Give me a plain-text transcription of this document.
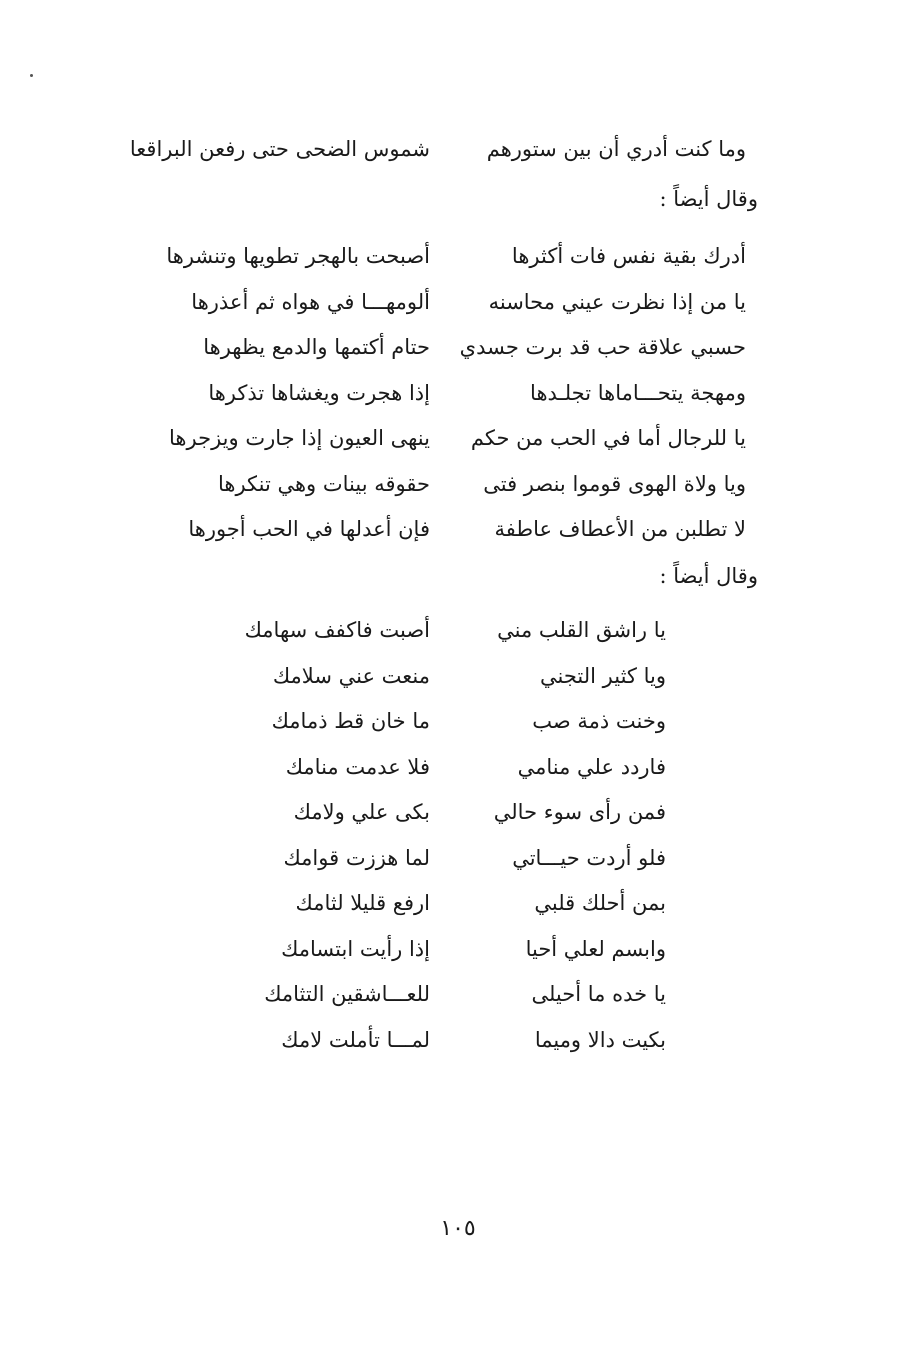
وما كنت أدري أن بين ستورهم
شموس الضحى حتى رفعن البراقعا
وقال أيضاً :
أدرك بقية نفس فات أكثرها
أصبحت بالهجر تطويها وتنشرها
يا من إذا نظرت عيني محاسنه
ألومهـــا في هواه ثم أعذرها
حسبي علاقة حب قد برت جسدي
حتام أكتمها والدمع يظهرها
ومهجة يتحـــاماها تجلـدها
إذا هجرت ويغشاها تذكرها
يا للرجال أما في الحب من حكم
ينهى العيون إذا جارت ويزجرها
ويا ولاة الهوى قوموا بنصر فتى
حقوقه بينات وهي تنكرها
لا تطلبن من الأعطاف عاطفة
فإن أعدلها في الحب أجورها
وقال أيضاً :
يا راشق القلب مني
أصبت فاكفف سهامك
ويا كثير التجني
منعت عني سلامك
وخنت ذمة صب
ما خان قط ذمامك
فاردد علي منامي
فلا عدمت منامك
فمن رأى سوء حالي
بكى علي ولامك
فلو أردت حيـــاتي
لما هززت قوامك
بمن أحلك قلبي
ارفع قليلا لثامك
وابسم لعلي أحيا
إذا رأيت ابتسامك
يا خده ما أحيلى
للعـــاشقين التثامك
بكيت دالا وميما
لمـــا تأملت لامك
١٠٥
